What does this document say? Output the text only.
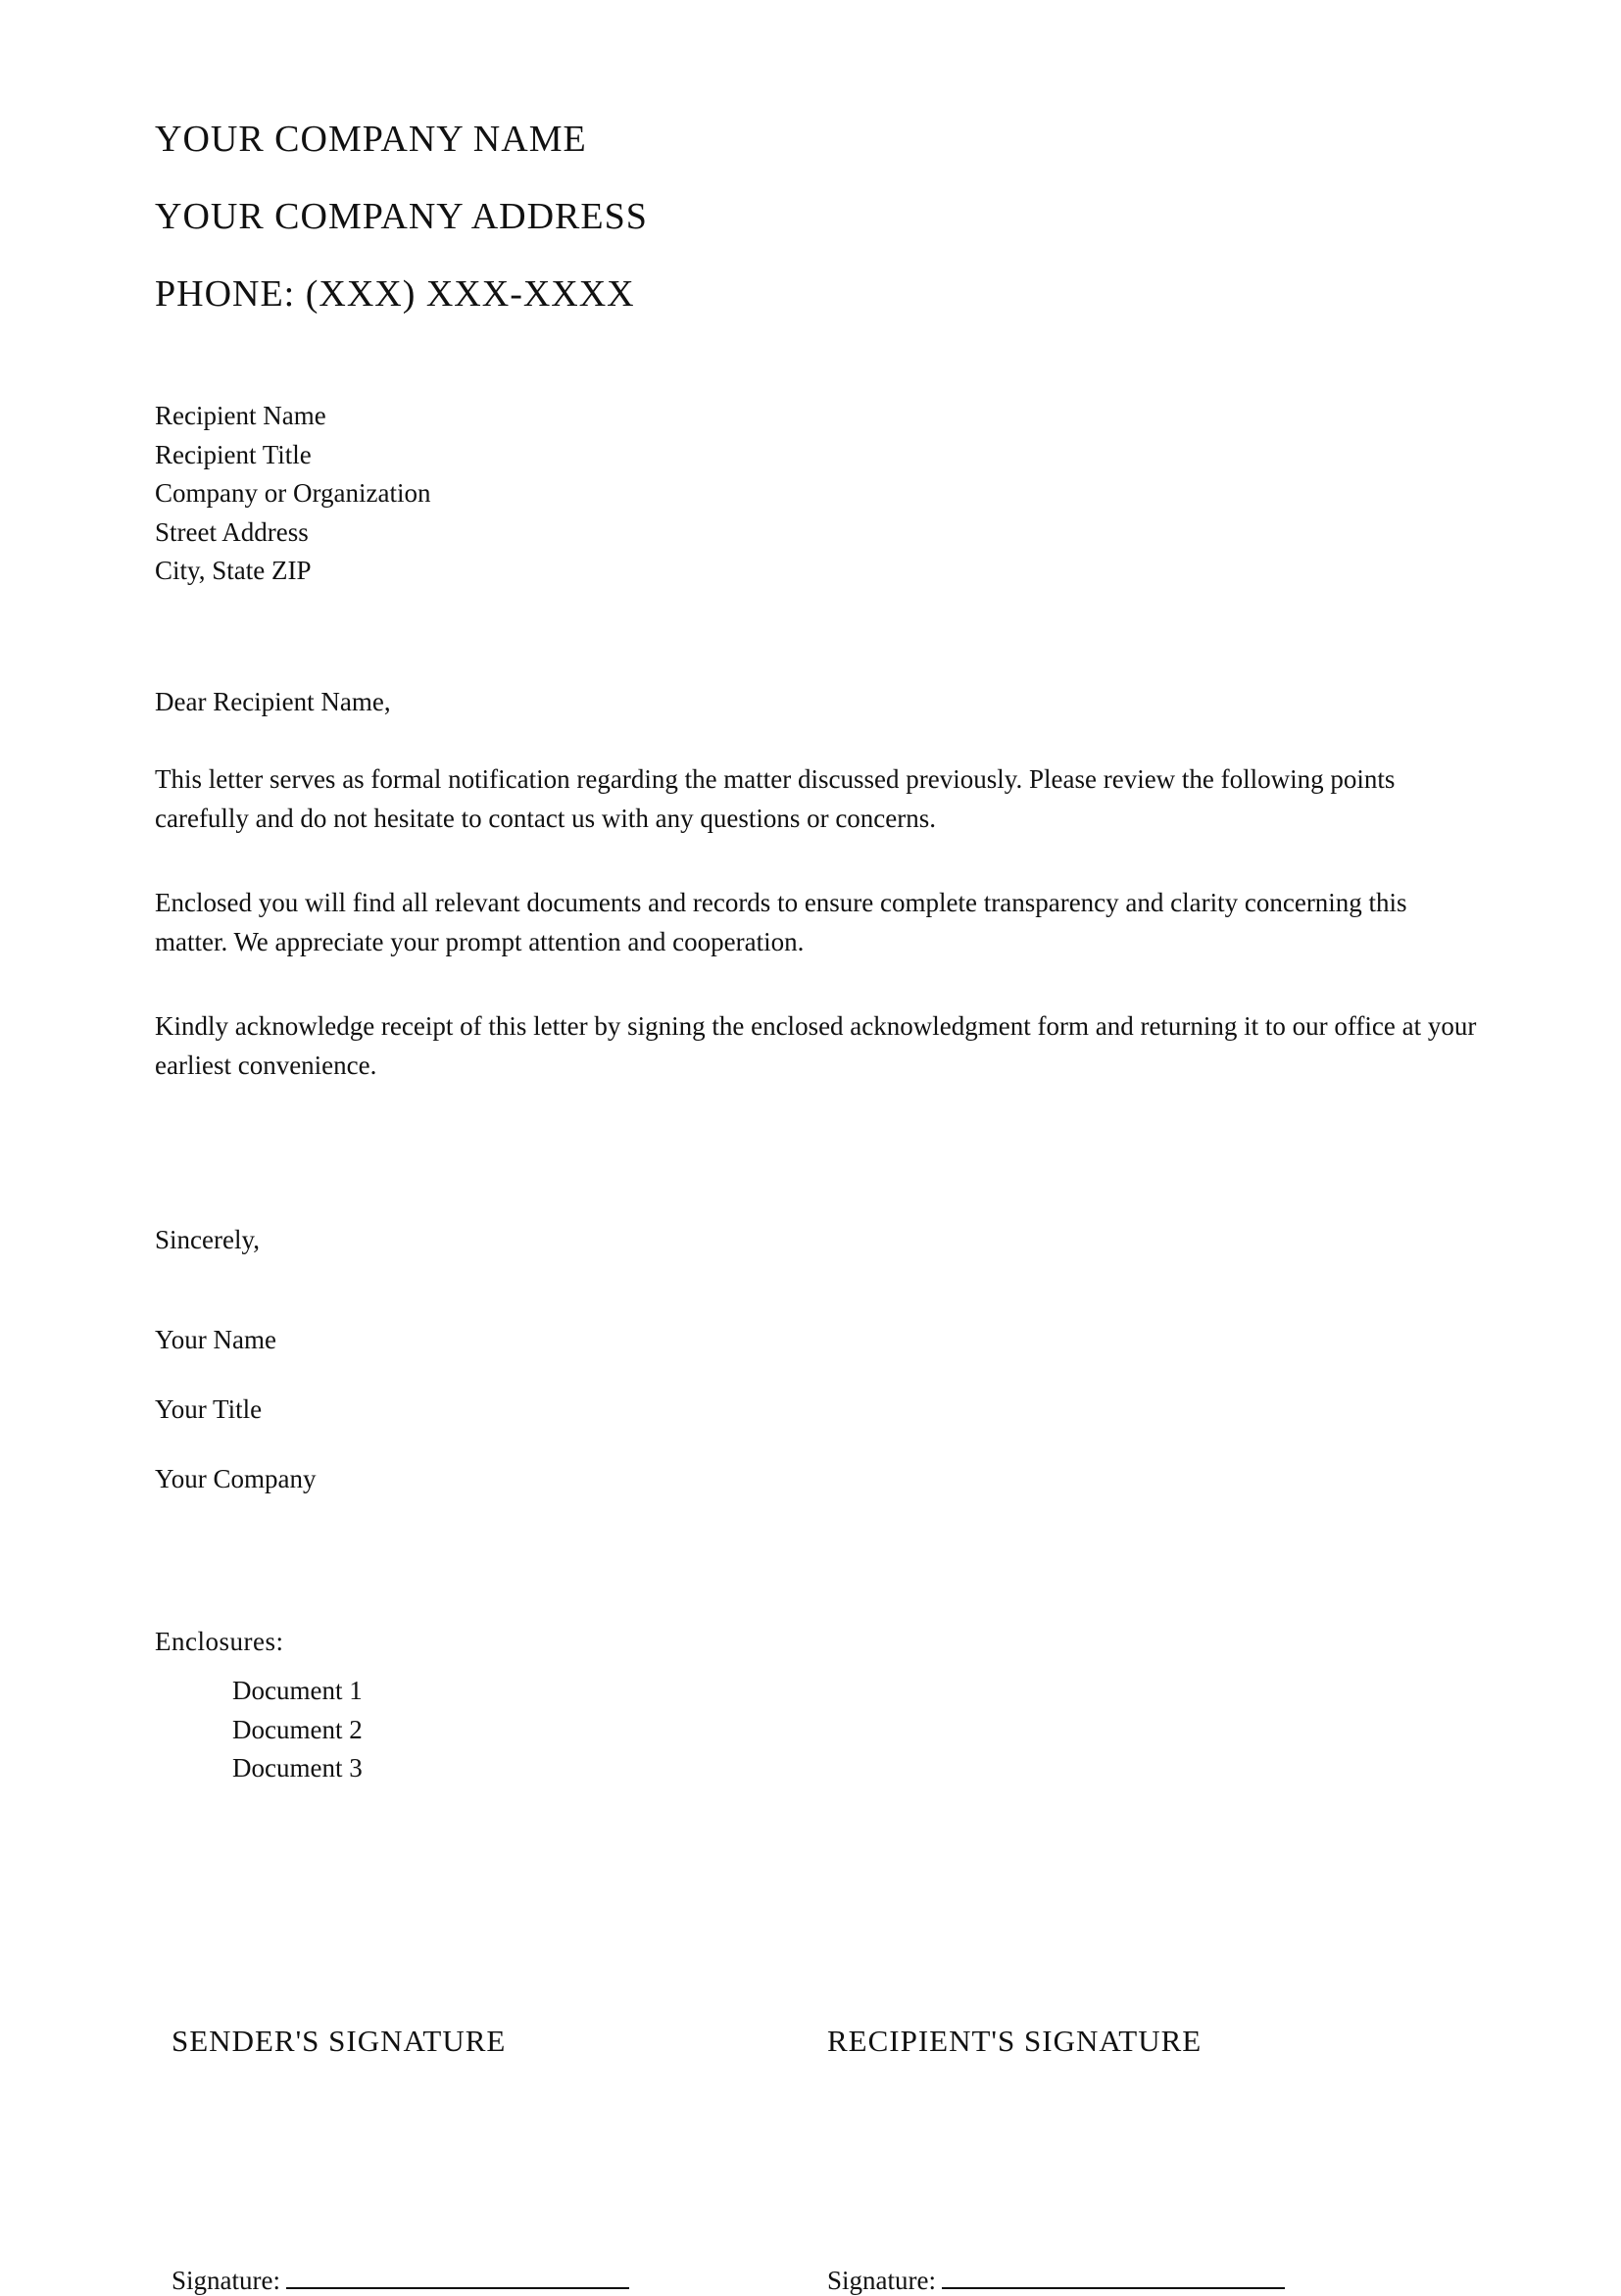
YOUR COMPANY NAME
YOUR COMPANY ADDRESS
PHONE: (XXX) XXX-XXXX
Recipient Name
Recipient Title
Company or Organization
Street Address
City, State ZIP
Dear Recipient Name,
This letter serves as formal notification regarding the matter discussed previously. Please review the following points carefully and do not hesitate to contact us with any questions or concerns.
Enclosed you will find all relevant documents and records to ensure complete transparency and clarity concerning this matter. We appreciate your prompt attention and cooperation.
Kindly acknowledge receipt of this letter by signing the enclosed acknowledgment form and returning it to our office at your earliest convenience.
Sincerely,
Your Name
Your Title
Your Company
Enclosures:
Document 1
Document 2
Document 3
SENDER'S SIGNATURE	RECIPIENT'S SIGNATURE
Signature:	Signature:
